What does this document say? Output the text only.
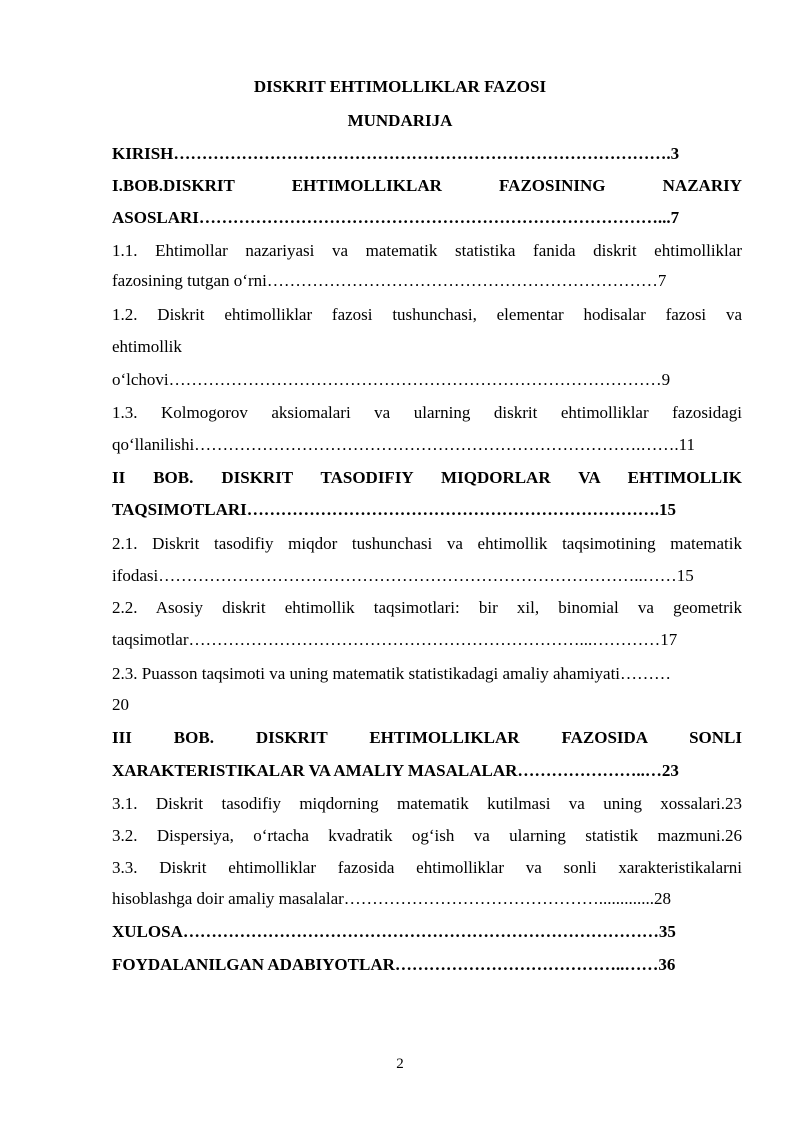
DISKRIT EHTIMOLLIKLAR FAZOSI
MUNDARIJA
KIRISH…………………………………………………………………………….3
I.BOB.DISKRIT EHTIMOLLIKLAR FAZOSINING NAZARIY
ASOSLARI………………………………………………………………………...7
1.1. Ehtimollar nazariyasi va matematik statistika fanida diskrit ehtimolliklar
fazosining tutgan o‘rni……………………………………………………………7
1.2. Diskrit ehtimolliklar fazosi tushunchasi, elementar hodisalar fazosi va
ehtimollik
o‘lchovi……………………………………………………………………………9
1.3. Kolmogorov aksiomalari va ularning diskrit ehtimolliklar fazosidagi
qo‘llanilishi…………………………………………………………………….…….11
II BOB. DISKRIT TASODIFIY MIQDORLAR VA EHTIMOLLIK
TAQSIMOTLARI……………………………………………………………….15
2.1. Diskrit tasodifiy miqdor tushunchasi va ehtimollik taqsimotining matematik
ifodasi…………………………………………………………………………..……15
2.2. Asosiy diskrit ehtimollik taqsimotlari: bir xil, binomial va geometrik
taqsimotlar……………………………………………………………...…………17
2.3. Puasson taqsimoti va uning matematik statistikadagi amaliy ahamiyati………
20
III BOB. DISKRIT EHTIMOLLIKLAR FAZOSIDA SONLI
XARAKTERISTIKALAR VA AMALIY MASALALAR…………………..…23
3.1. Diskrit tasodifiy miqdorning matematik kutilmasi va uning xossalari.23
3.2. Dispersiya, o‘rtacha kvadratik og‘ish va ularning statistik mazmuni.26
3.3. Diskrit ehtimolliklar fazosida ehtimolliklar va sonli xarakteristikalarni
hisoblashga doir amaliy masalalar……………………………………….............28
XULOSA…………………………………………………………………………35
FOYDALANILGAN ADABIYOTLAR…………………………………..……36
2
